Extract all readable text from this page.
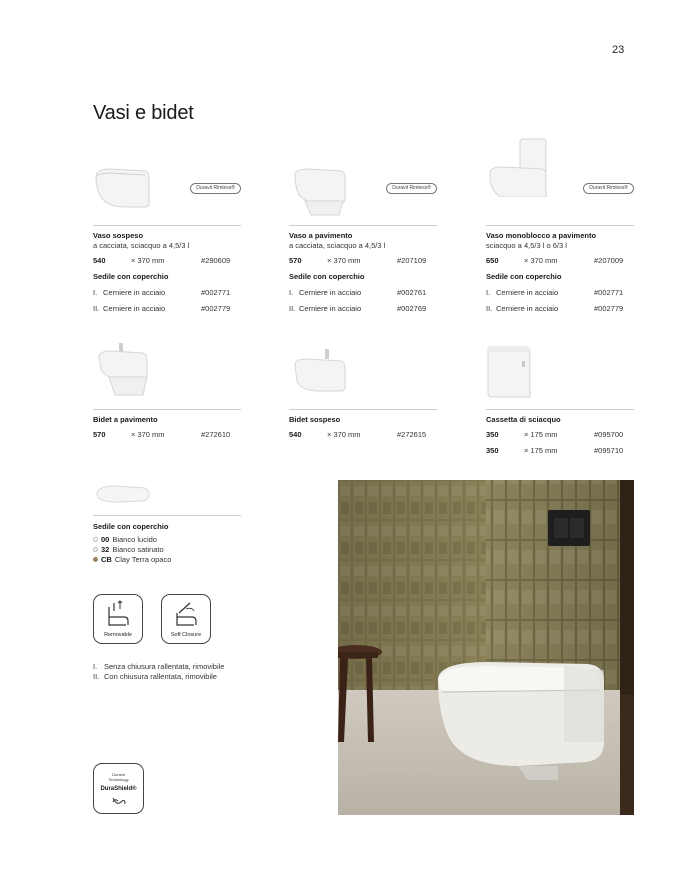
23
Vasi e bidet
Duravit Rimless®
Vaso sospeso
a cacciata, sciacquo a 4,5/3 l
540	× 370 mm	#290609
Sedile con coperchio
I. Cerniere in acciaio	#002771
II. Cerniere in acciaio	#002779
Duravit Rimless®
Vaso a pavimento
a cacciata, sciacquo a 4,5/3 l
570	× 370 mm	#207109
Sedile con coperchio
I. Cerniere in acciaio	#002761
II. Cerniere in acciaio	#002769
Duravit Rimless®
Vaso monoblocco a pavimento
sciacquo a 4,5/3 l o 6/3 l
650	× 370 mm	#207009
Sedile con coperchio
I. Cerniere in acciaio	#002771
II. Cerniere in acciaio	#002779
Bidet a pavimento
570	× 370 mm	#272610
Bidet sospeso
540	× 370 mm	#272615
Cassetta di sciacquo
350	× 175 mm	#095700
350	× 175 mm	#095710
Sedile con coperchio
00 Bianco lucido
32 Bianco satinato
CB Clay Terra opaco
Removable	Soft Closure
I. Senza chiusura rallentata, rimovibile
II. Con chiusura rallentata, rimovibile
Duravit
Technology
DuraShield®
